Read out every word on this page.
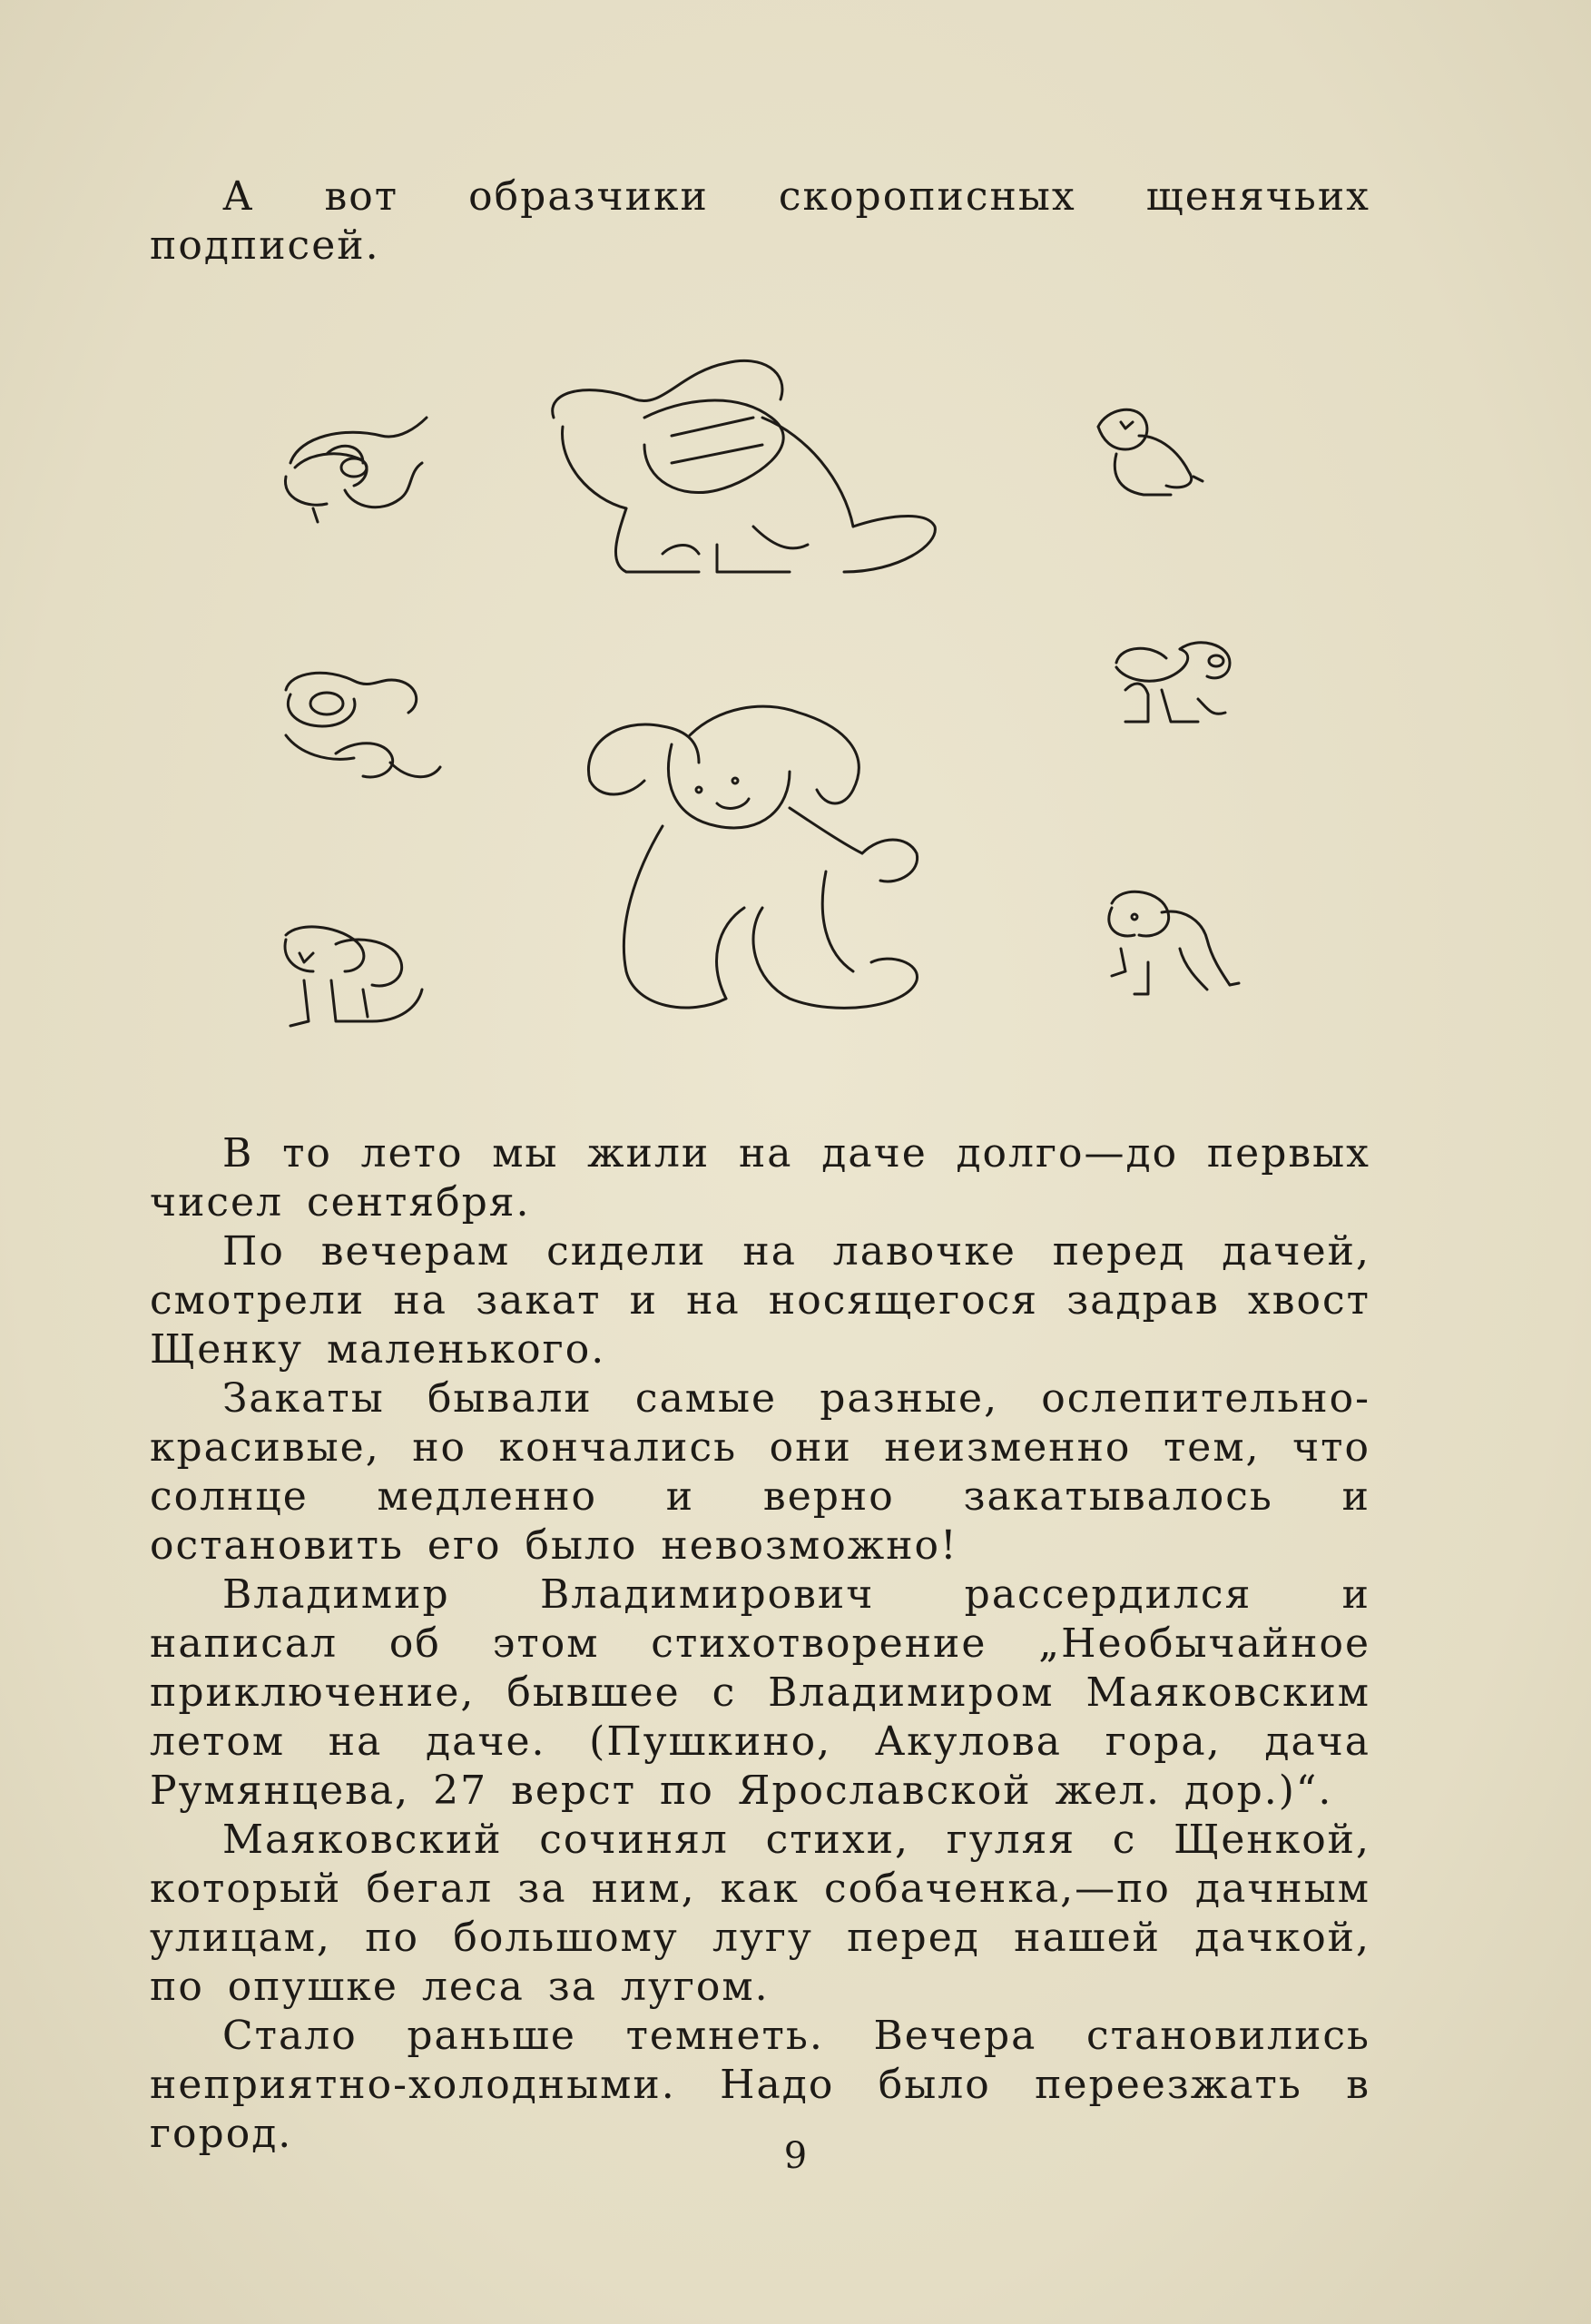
А вот образчики скорописных щенячьих подписей.

В то лето мы жили на даче долго—до первых чисел сентября.

По вечерам сидели на лавочке перед дачей, смотрели на закат и на носящегося задрав хвост Щенку маленького.

Закаты бывали самые разные, ослепительно-красивые, но кончались они неизменно тем, что солнце медленно и верно закатывалось и остановить его было невозможно!

Владимир Владимирович рассердился и написал об этом стихотворение „Необычайное приключение, бывшее с Владимиром Маяковским летом на даче. (Пушкино, Акулова гора, дача Румянцева, 27 верст по Ярославской жел. дор.)“.

Маяковский сочинял стихи, гуляя с Щенкой, который бегал за ним, как собаченка,—по дачным улицам, по большому лугу перед нашей дачкой, по опушке леса за лугом.

Стало раньше темнеть. Вечера становились неприятно-холодными. Надо было переезжать в город.	9
